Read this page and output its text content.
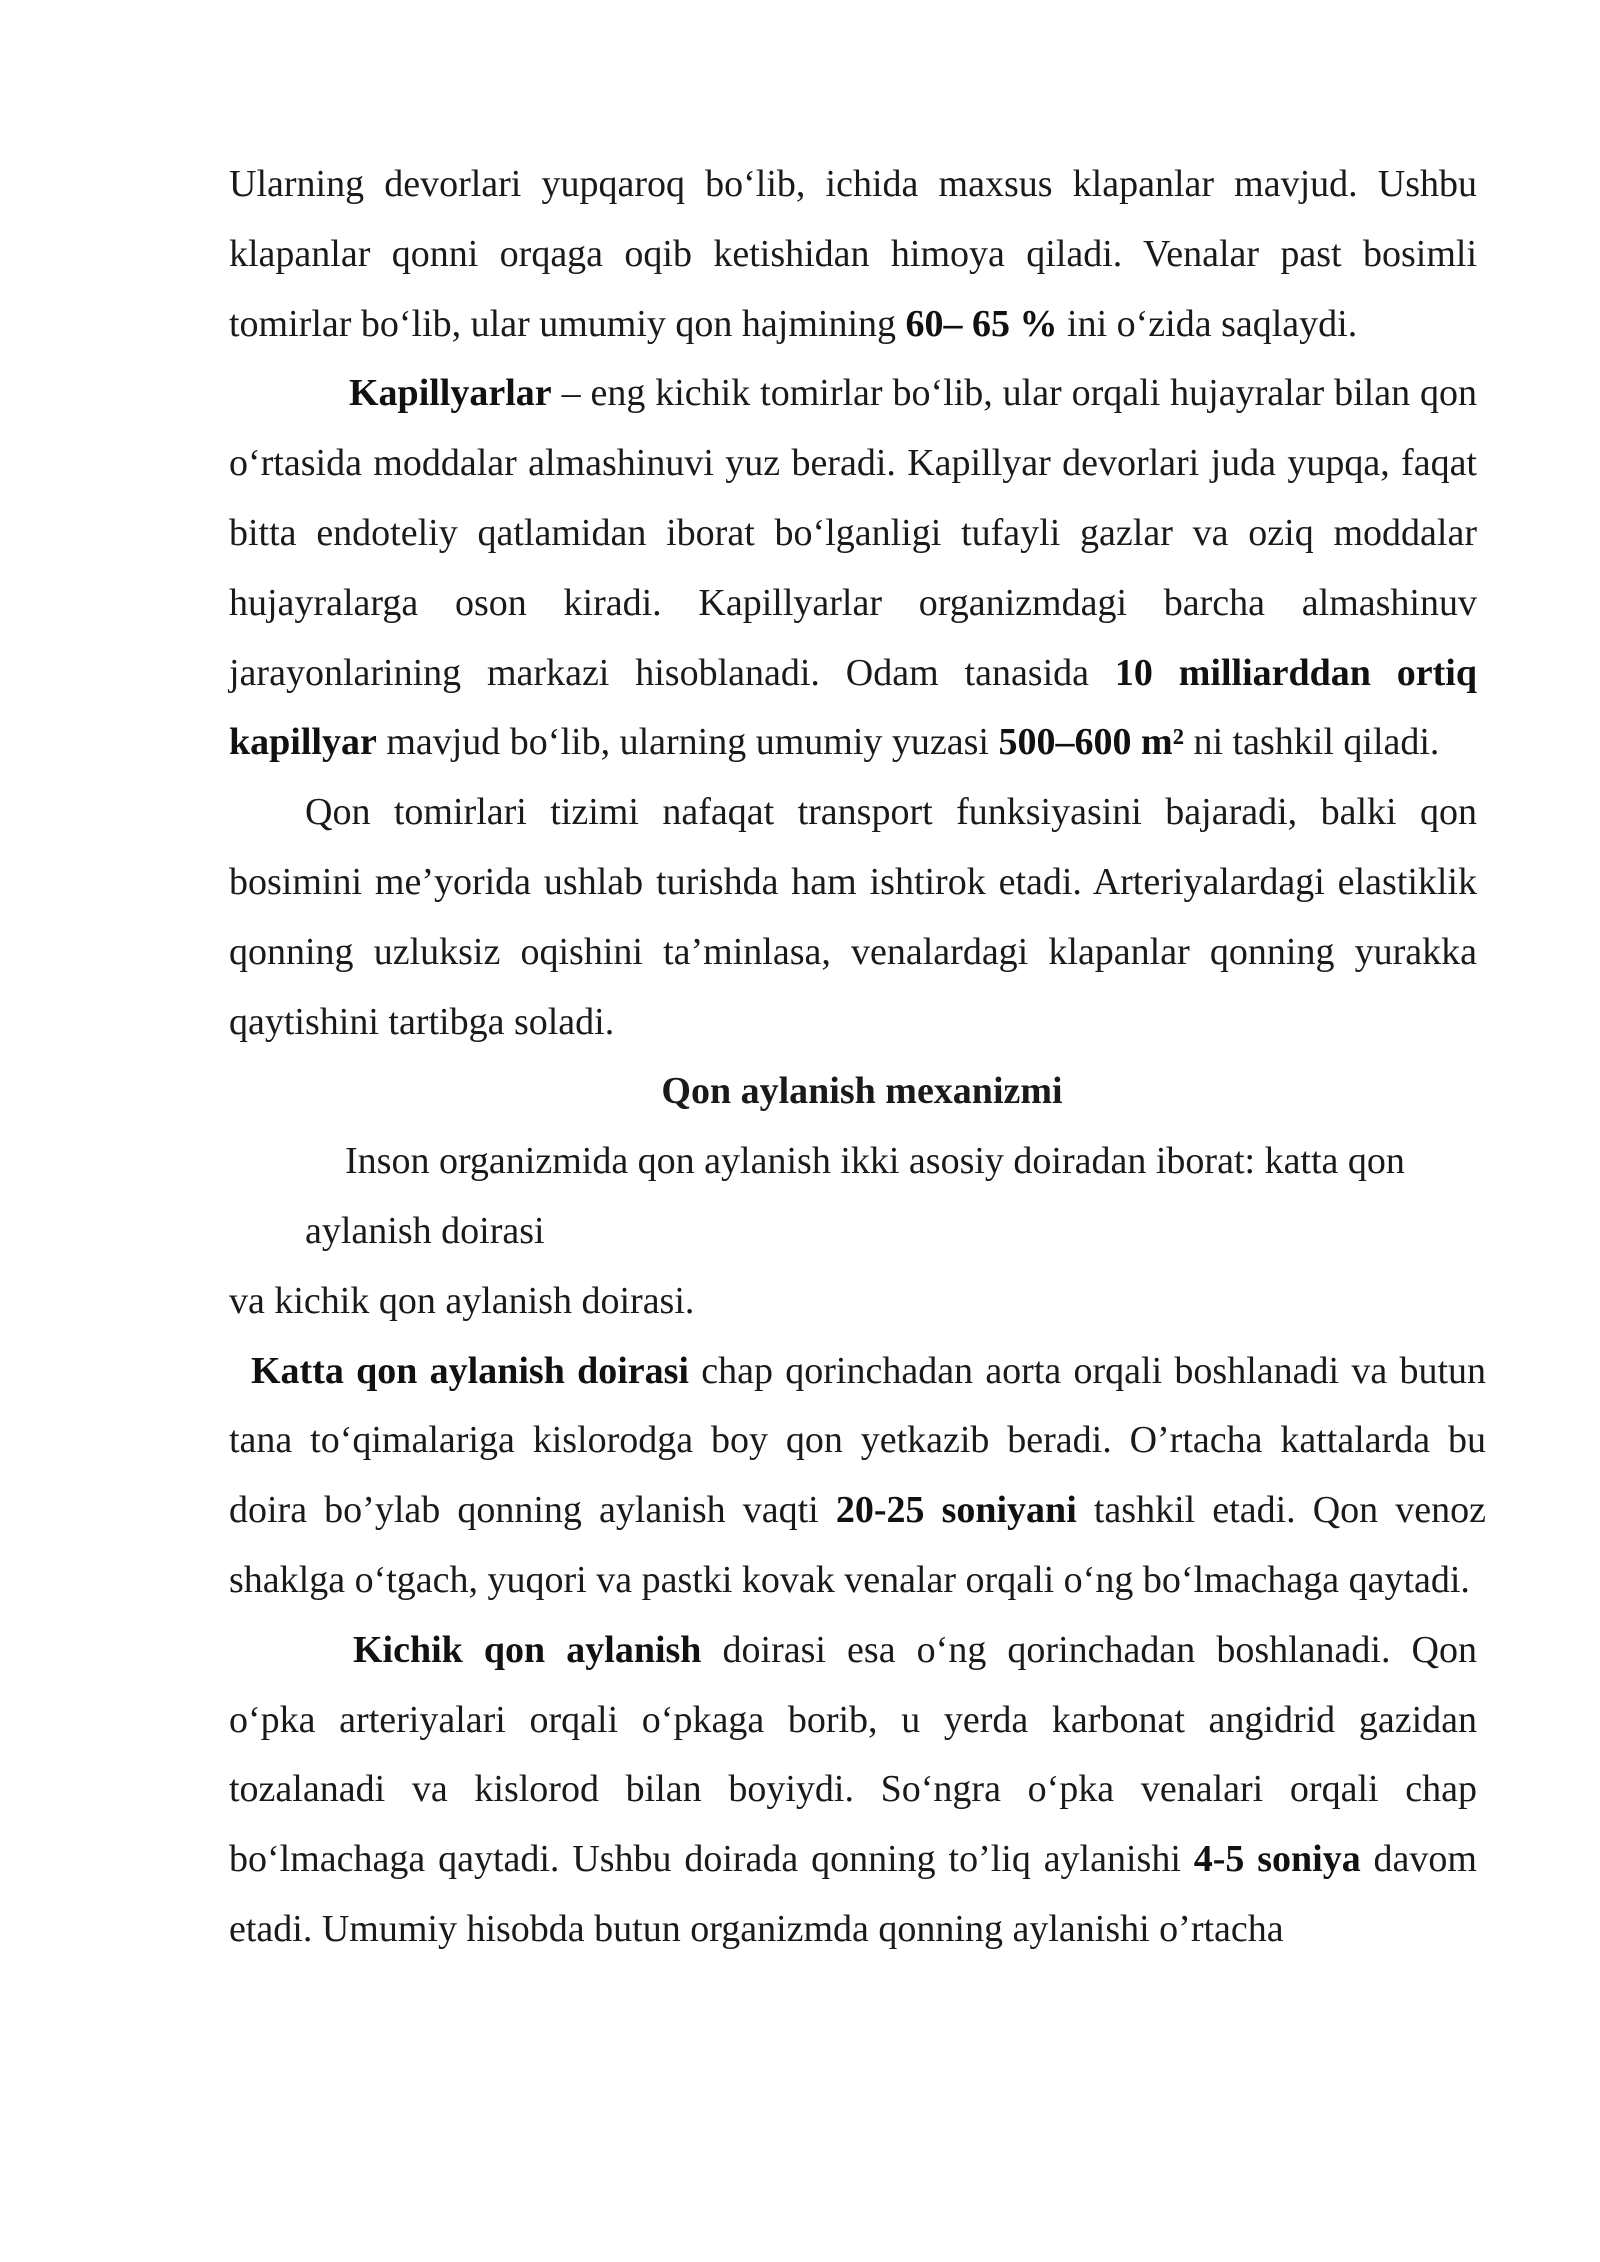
Ularning devorlari yupqaroq bo‘lib, ichida maxsus klapanlar mavjud. Ushbu klapanlar qonni orqaga oqib ketishidan himoya qiladi. Venalar past bosimli tomirlar bo‘lib, ular umumiy qon hajmining 60– 65 % ini o‘zida saqlaydi.

Kapillyarlar – eng kichik tomirlar bo‘lib, ular orqali hujayralar bilan qon o‘rtasida moddalar almashinuvi yuz beradi. Kapillyar devorlari juda yupqa, faqat bitta endoteliy qatlamidan iborat bo‘lganligi tufayli gazlar va oziq moddalar hujayralarga oson kiradi. Kapillyarlar organizmdagi barcha almashinuv jarayonlarining markazi hisoblanadi. Odam tanasida 10 milliarddan ortiq kapillyar mavjud bo‘lib, ularning umumiy yuzasi 500–600 m² ni tashkil qiladi.

Qon tomirlari tizimi nafaqat transport funksiyasini bajaradi, balki qon bosimini me’yorida ushlab turishda ham ishtirok etadi. Arteriyalardagi elastiklik qonning uzluksiz oqishini ta’minlasa, venalardagi klapanlar qonning yurakka qaytishini tartibga soladi.

Qon aylanish mexanizmi

Inson organizmida qon aylanish ikki asosiy doiradan iborat: katta qon aylanish doirasi

va kichik qon aylanish doirasi.

Katta qon aylanish doirasi chap qorinchadan aorta orqali boshlanadi va butun tana to‘qimalariga kislorodga boy qon yetkazib beradi. O’rtacha kattalarda bu doira bo’ylab qonning aylanish vaqti 20-25 soniyani tashkil etadi. Qon venoz shaklga o‘tgach, yuqori va pastki kovak venalar orqali o‘ng bo‘lmachaga qaytadi.

Kichik qon aylanish doirasi esa o‘ng qorinchadan boshlanadi. Qon o‘pka arteriyalari orqali o‘pkaga borib, u yerda karbonat angidrid gazidan tozalanadi va kislorod bilan boyiydi. So‘ngra o‘pka venalari orqali chap bo‘lmachaga qaytadi. Ushbu doirada qonning to’liq aylanishi 4-5 soniya davom etadi. Umumiy hisobda butun organizmda qonning aylanishi o’rtacha
